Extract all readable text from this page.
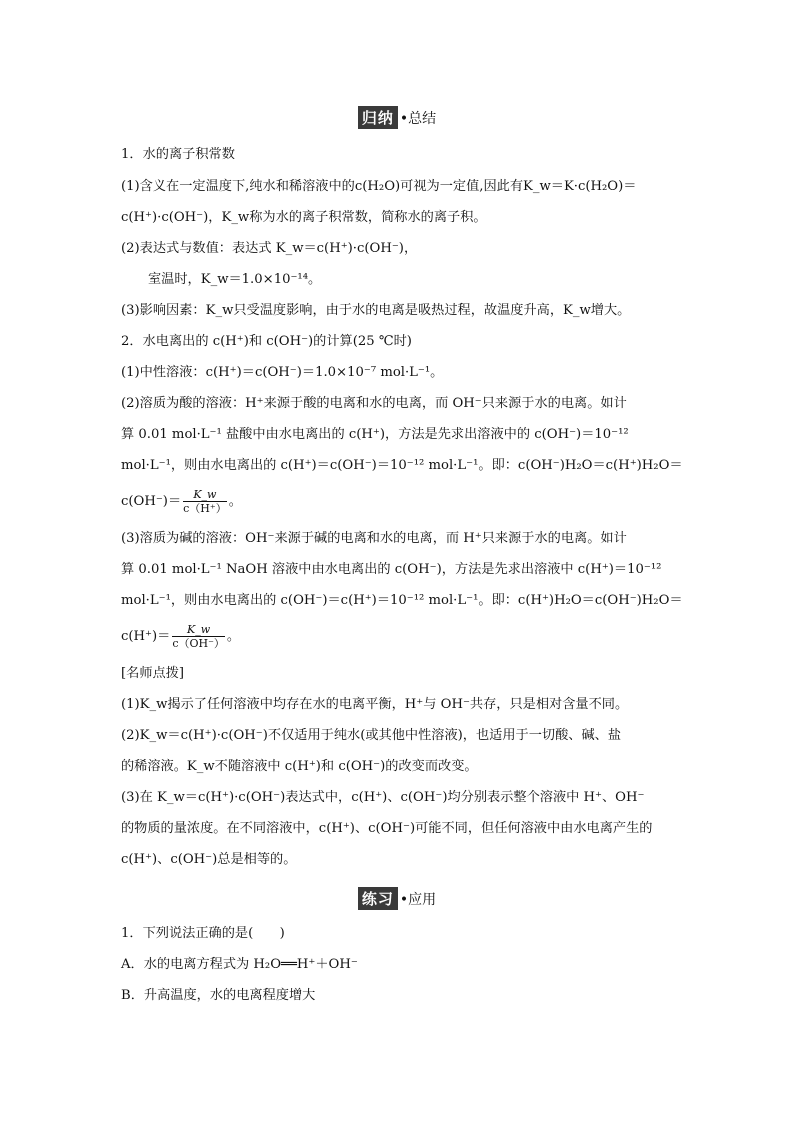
归纳 •总结
1．水的离子积常数
(1)含义在一定温度下,纯水和稀溶液中的c(H₂O)可视为一定值,因此有K_w＝K·c(H₂O)＝
c(H⁺)·c(OH⁻)，K_w称为水的离子积常数，简称水的离子积。
(2)表达式与数值：表达式 K_w＝c(H⁺)·c(OH⁻)，
室温时，K_w＝1.0×10⁻¹⁴。
(3)影响因素：K_w只受温度影响，由于水的电离是吸热过程，故温度升高，K_w增大。
2．水电离出的 c(H⁺)和 c(OH⁻)的计算(25 ℃时)
(1)中性溶液：c(H⁺)＝c(OH⁻)＝1.0×10⁻⁷ mol·L⁻¹。
(2)溶质为酸的溶液：H⁺来源于酸的电离和水的电离，而 OH⁻只来源于水的电离。如计
算 0.01 mol·L⁻¹ 盐酸中由水电离出的 c(H⁺)，方法是先求出溶液中的 c(OH⁻)＝10⁻¹²
mol·L⁻¹，则由水电离出的 c(H⁺)＝c(OH⁻)＝10⁻¹² mol·L⁻¹。即：c(OH⁻)H₂O＝c(H⁺)H₂O＝
$c(OH^-)= \frac{K\_w}{c(H^+)}$ 。
(3)溶质为碱的溶液：OH⁻来源于碱的电离和水的电离，而 H⁺只来源于水的电离。如计
算 0.01 mol·L⁻¹ NaOH 溶液中由水电离出的 c(OH⁻)，方法是先求出溶液中 c(H⁺)＝10⁻¹²
mol·L⁻¹，则由水电离出的 c(OH⁻)＝c(H⁺)＝10⁻¹² mol·L⁻¹。即：c(H⁺)H₂O＝c(OH⁻)H₂O＝
$c(H^+)= \frac{K\_w}{c(OH^-)}$ 。
[名师点拨]
(1)K_w揭示了任何溶液中均存在水的电离平衡，H⁺与 OH⁻共存，只是相对含量不同。
(2)K_w＝c(H⁺)·c(OH⁻)不仅适用于纯水(或其他中性溶液)，也适用于一切酸、碱、盐
的稀溶液。K_w不随溶液中 c(H⁺)和 c(OH⁻)的改变而改变。
(3)在 K_w＝c(H⁺)·c(OH⁻)表达式中，c(H⁺)、c(OH⁻)均分别表示整个溶液中 H⁺、OH⁻
的物质的量浓度。在不同溶液中，c(H⁺)、c(OH⁻)可能不同，但任何溶液中由水电离产生的
c(H⁺)、c(OH⁻)总是相等的。
练习 •应用
1．下列说法正确的是(　　)
A．水的电离方程式为 H₂O══H⁺＋OH⁻
B．升高温度，水的电离程度增大
